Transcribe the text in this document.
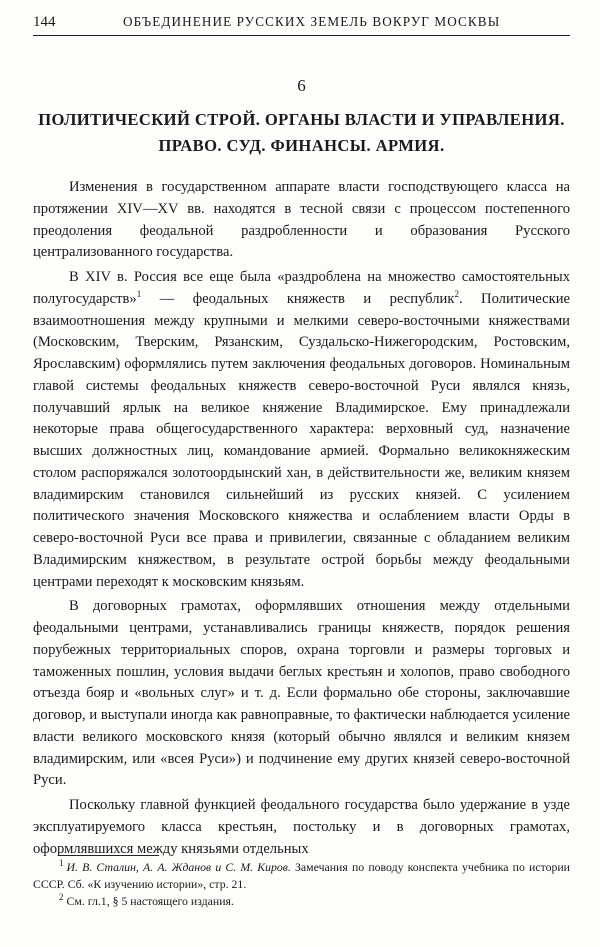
144	ОБЪЕДИНЕНИЕ РУССКИХ ЗЕМЕЛЬ ВОКРУГ МОСКВЫ
6
ПОЛИТИЧЕСКИЙ СТРОЙ. ОРГАНЫ ВЛАСТИ И УПРАВЛЕНИЯ.
ПРАВО. СУД. ФИНАНСЫ. АРМИЯ.

Изменения в государственном аппарате власти господствующего класса на протяжении XIV—XV вв. находятся в тесной связи с процессом постепенного преодоления феодальной раздробленности и образования Русского централизованного государства.

В XIV в. Россия все еще была «раздроблена на множество самостоятельных полугосударств»$^1$ — феодальных княжеств и республик$^2$. Политические взаимоотношения между крупными и мелкими северо-восточными княжествами (Московским, Тверским, Рязанским, Суздальско-Нижегородским, Ростовским, Ярославским) оформлялись путем заключения феодальных договоров. Номинальным главой системы феодальных княжеств северо-восточной Руси являлся князь, получавший ярлык на великое княжение Владимирское. Ему принадлежали некоторые права общегосударственного характера: верховный суд, назначение высших должностных лиц, командование армией. Формально великокняжеским столом распоряжался золотоордынский хан, в действительности же, великим князем владимирским становился сильнейший из русских князей. С усилением политического значения Московского княжества и ослаблением власти Орды в северо-восточной Руси все права и привилегии, связанные с обладанием великим Владимирским княжеством, в результате острой борьбы между феодальными центрами переходят к московским князьям.

В договорных грамотах, оформлявших отношения между отдельными феодальными центрами, устанавливались границы княжеств, порядок решения порубежных территориальных споров, охрана торговли и размеры торговых и таможенных пошлин, условия выдачи беглых крестьян и холопов, право свободного отъезда бояр и «вольных слуг» и т. д. Если формально обе стороны, заключавшие договор, и выступали иногда как равноправные, то фактически наблюдается усиление власти великого московского князя (который обычно являлся и великим князем владимирским, или «всея Руси») и подчинение ему других князей северо-восточной Руси.

Поскольку главной функцией феодального государства было удержание в узде эксплуатируемого класса крестьян, постольку и в договорных грамотах, оформлявшихся между князьями отдельных

$^1$ И. В. Сталин, А. А. Жданов и С. М. Киров. Замечания по поводу конспекта учебника по истории СССР. Сб. «К изучению истории», стр. 21.
$^2$ См. гл.1, § 5 настоящего издания.
